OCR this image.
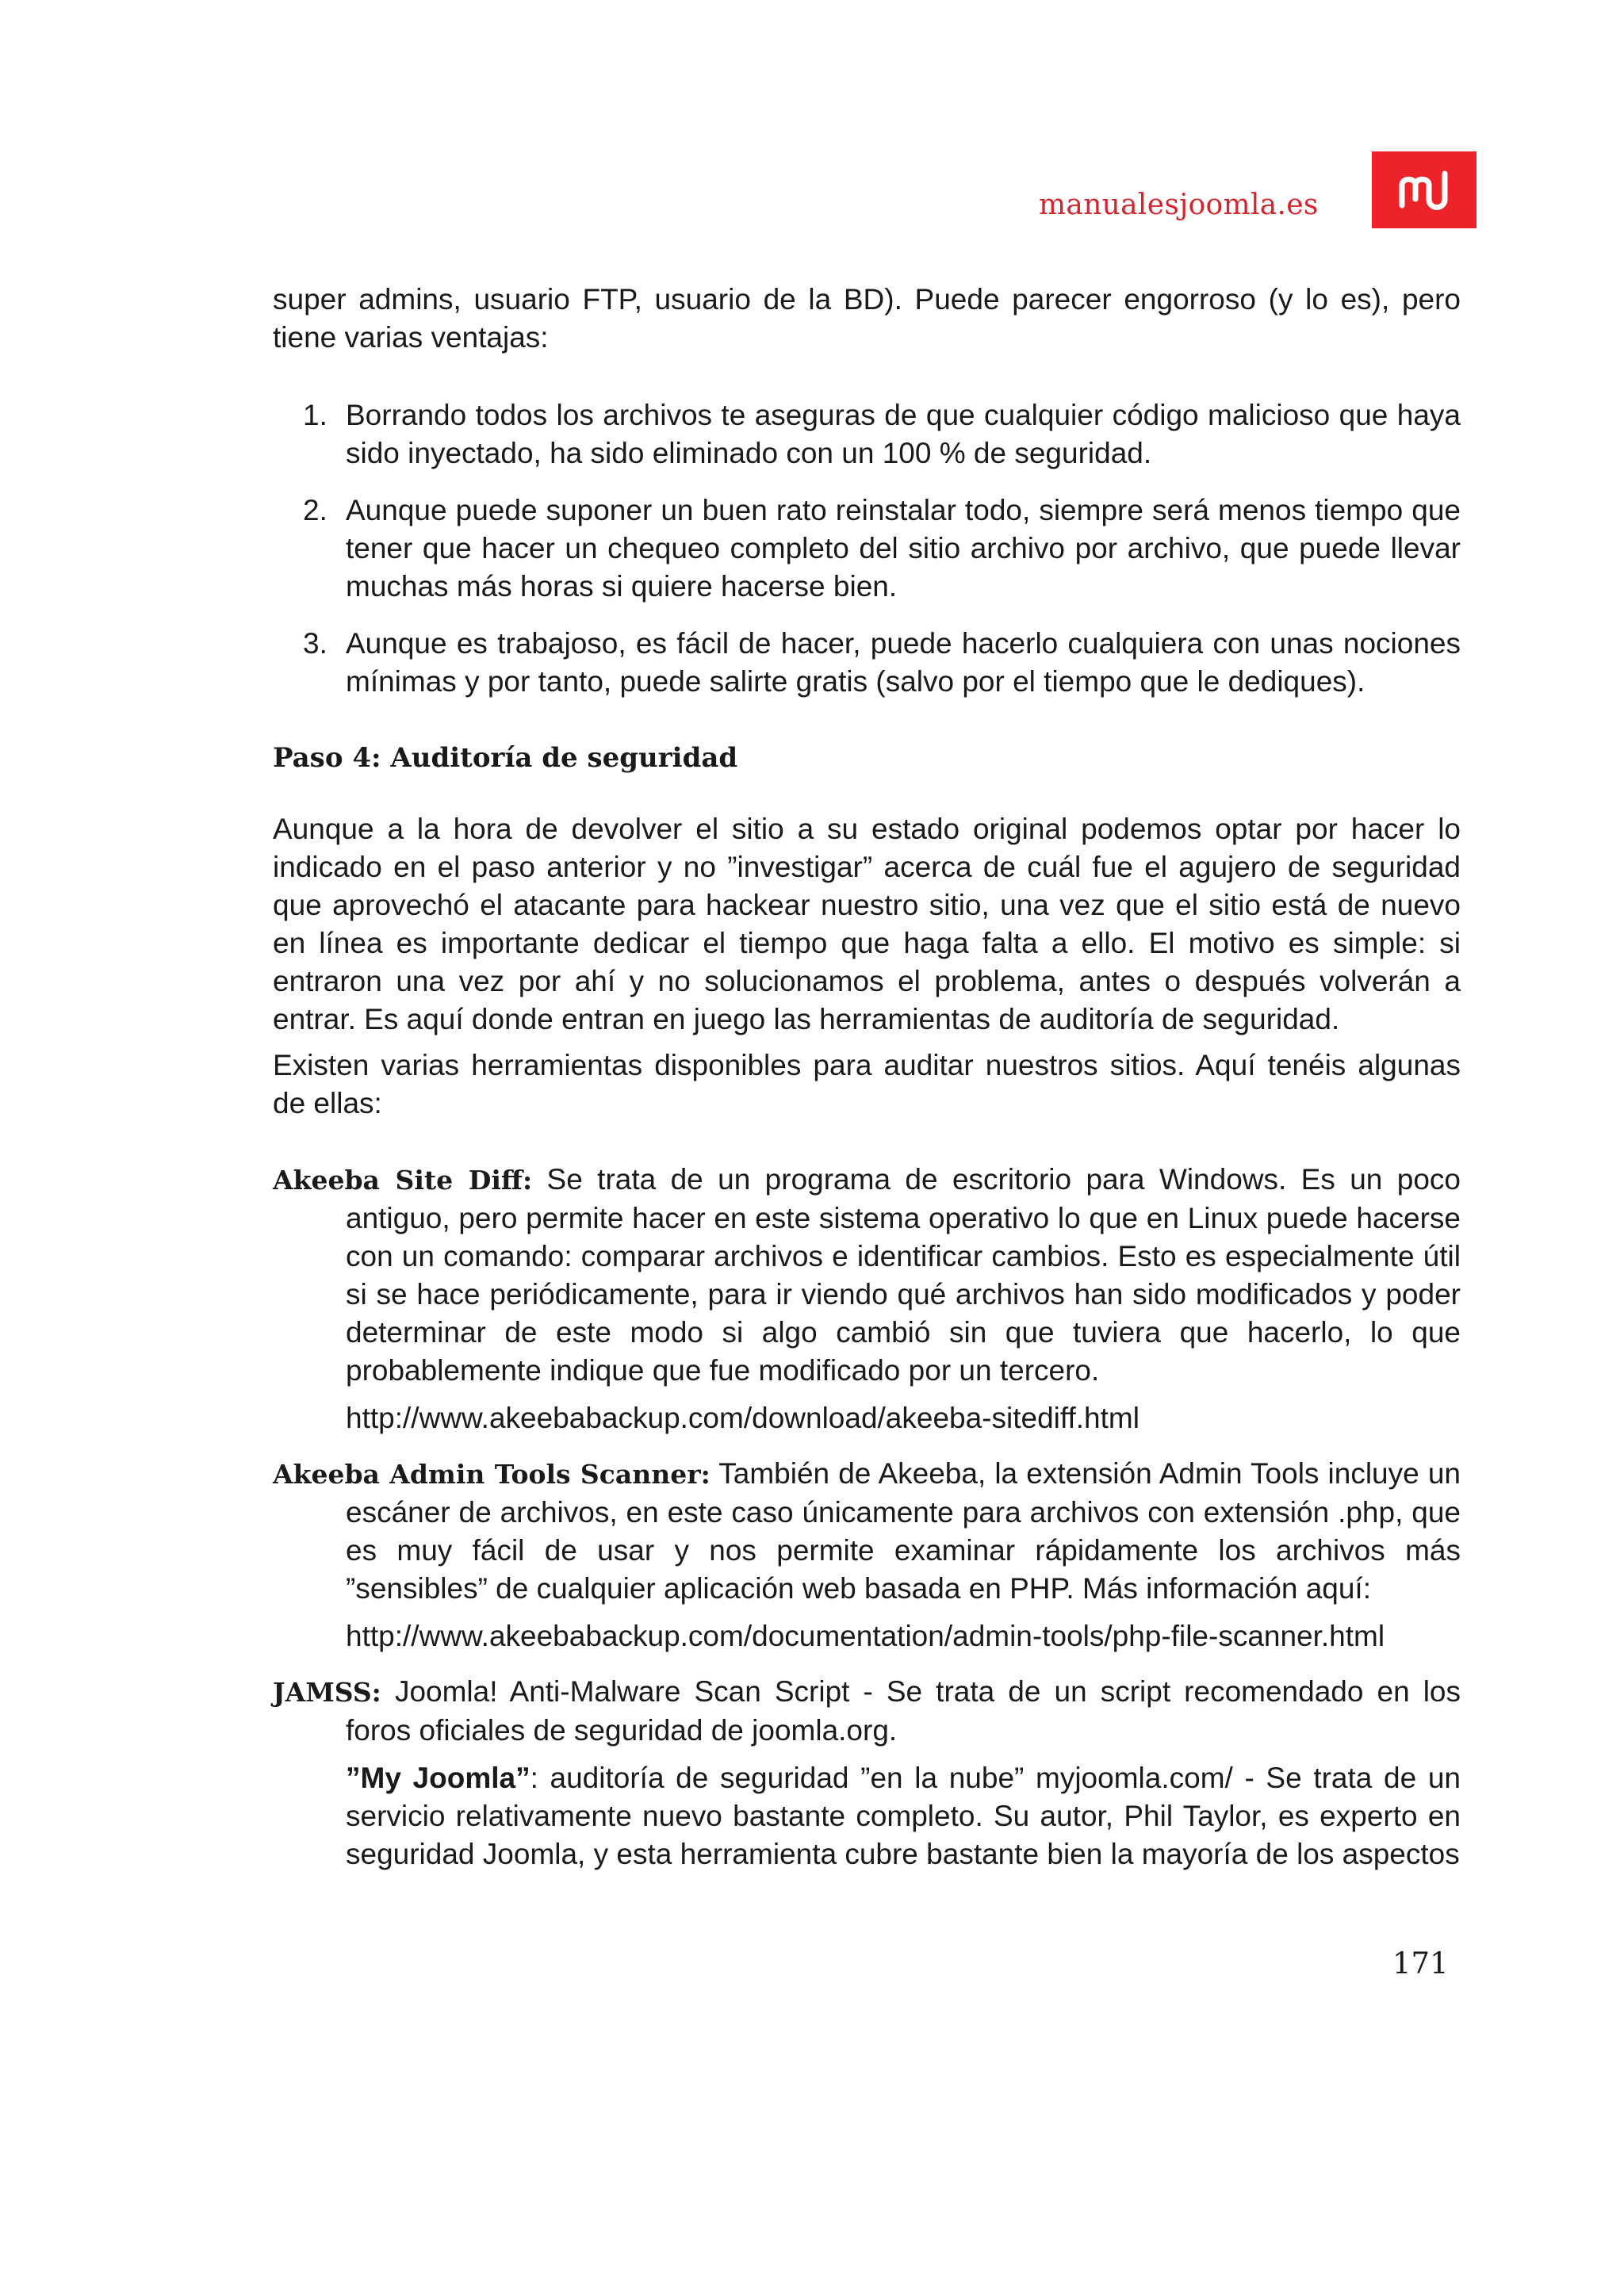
manualesjoomla.es

super admins, usuario FTP, usuario de la BD). Puede parecer engorroso (y lo es), pero tiene varias ventajas:

1. Borrando todos los archivos te aseguras de que cualquier código malicioso que haya sido inyectado, ha sido eliminado con un 100 % de seguridad.
2. Aunque puede suponer un buen rato reinstalar todo, siempre será menos tiempo que tener que hacer un chequeo completo del sitio archivo por archivo, que puede llevar muchas más horas si quiere hacerse bien.
3. Aunque es trabajoso, es fácil de hacer, puede hacerlo cualquiera con unas nociones mínimas y por tanto, puede salirte gratis (salvo por el tiempo que le dediques).
Paso 4: Auditoría de seguridad

Aunque a la hora de devolver el sitio a su estado original podemos optar por hacer lo indicado en el paso anterior y no ”investigar” acerca de cuál fue el agujero de seguridad que aprovechó el atacante para hackear nuestro sitio, una vez que el sitio está de nuevo en línea es importante dedicar el tiempo que haga falta a ello. El motivo es simple: si entraron una vez por ahí y no solucionamos el problema, antes o después volverán a entrar. Es aquí donde entran en juego las herramientas de auditoría de seguridad.

Existen varias herramientas disponibles para auditar nuestros sitios. Aquí tenéis algunas de ellas:

Akeeba Site Diff: Se trata de un programa de escritorio para Windows. Es un poco antiguo, pero permite hacer en este sistema operativo lo que en Linux puede hacerse con un comando: comparar archivos e identificar cambios. Esto es especialmente útil si se hace periódicamente, para ir viendo qué archivos han sido modificados y poder determinar de este modo si algo cambió sin que tuviera que hacerlo, lo que probablemente indique que fue modificado por un tercero.
http://www.akeebabackup.com/download/akeeba-sitediff.html
Akeeba Admin Tools Scanner: También de Akeeba, la extensión Admin Tools incluye un escáner de archivos, en este caso únicamente para archivos con extensión .php, que es muy fácil de usar y nos permite examinar rápidamente los archivos más ”sensibles” de cualquier aplicación web basada en PHP. Más información aquí:
http://www.akeebabackup.com/documentation/admin-tools/php-file-scanner.html
JAMSS: Joomla! Anti-Malware Scan Script - Se trata de un script recomendado en los foros oficiales de seguridad de joomla.org.
”My Joomla”: auditoría de seguridad ”en la nube” myjoomla.com/ - Se trata de un servicio relativamente nuevo bastante completo. Su autor, Phil Taylor, es experto en seguridad Joomla, y esta herramienta cubre bastante bien la mayoría de los aspectos
171
